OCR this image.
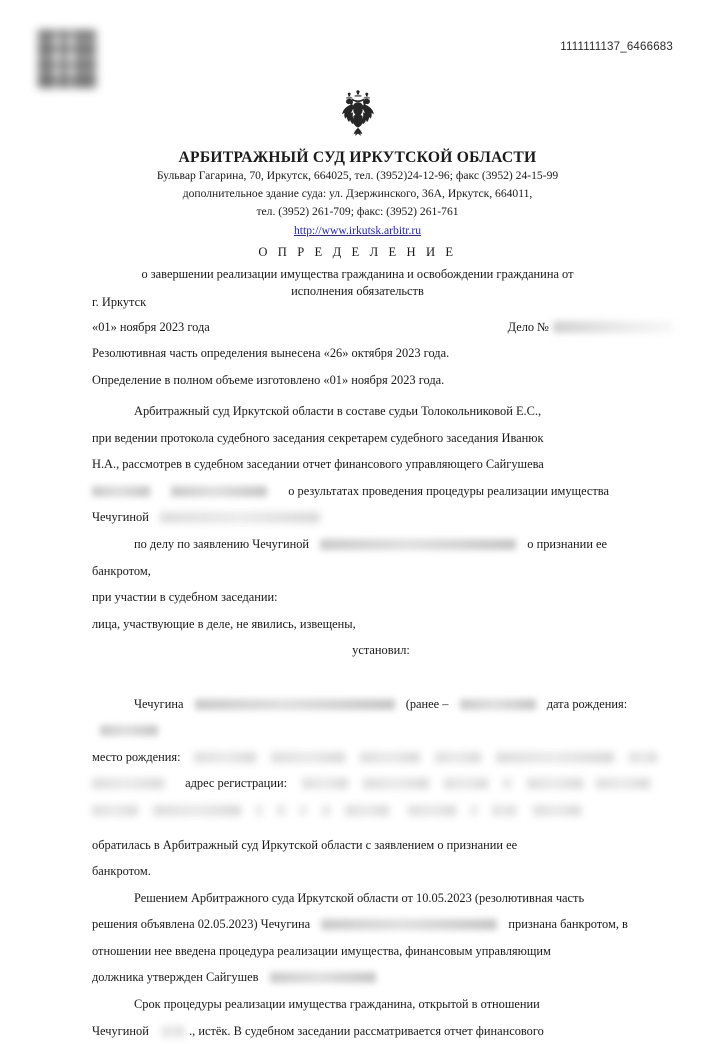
1111111137_6466683
АРБИТРАЖНЫЙ СУД ИРКУТСКОЙ ОБЛАСТИ
Бульвар Гагарина, 70, Иркутск, 664025, тел. (3952)24-12-96; факс (3952) 24-15-99
дополнительное здание суда: ул. Дзержинского, 36А, Иркутск, 664011,
тел. (3952) 261-709; факс: (3952) 261-761
http://www.irkutsk.arbitr.ru
О П Р Е Д Е Л Е Н И Е
о завершении реализации имущества гражданина и освобождении гражданина от
исполнения обязательств
г. Иркутск
«01» ноября 2023 года	Дело №
Резолютивная часть определения вынесена «26» октября 2023 года.
Определение в полном объеме изготовлено «01» ноября 2023 года.

Арбитражный суд Иркутской области в составе судьи Толокольниковой Е.С.,

при ведении протокола судебного заседания секретарем судебного заседания Иванюк

Н.А., рассмотрев в судебном заседании отчет финансового управляющего Сайгушева

о результатах проведения процедуры реализации имущества

Чечугиной

по делу по заявлению Чечугиной	о признании ее

банкротом,

при участии в судебном заседании:

лица, участвующие в деле, не явились, извещены,

установил:

Чечугина	(ранее –	дата рождения:

место рождения:

адрес регистрации:

обратилась в Арбитражный суд Иркутской области с заявлением о признании ее

банкротом.

Решением Арбитражного суда Иркутской области от 10.05.2023 (резолютивная часть

решения объявлена 02.05.2023) Чечугина	признана банкротом, в

отношении нее введена процедура реализации имущества, финансовым управляющим

должника утвержден Сайгушев

Срок процедуры реализации имущества гражданина, открытой в отношении

Чечугиной	., истёк. В судебном заседании рассматривается отчет финансового
